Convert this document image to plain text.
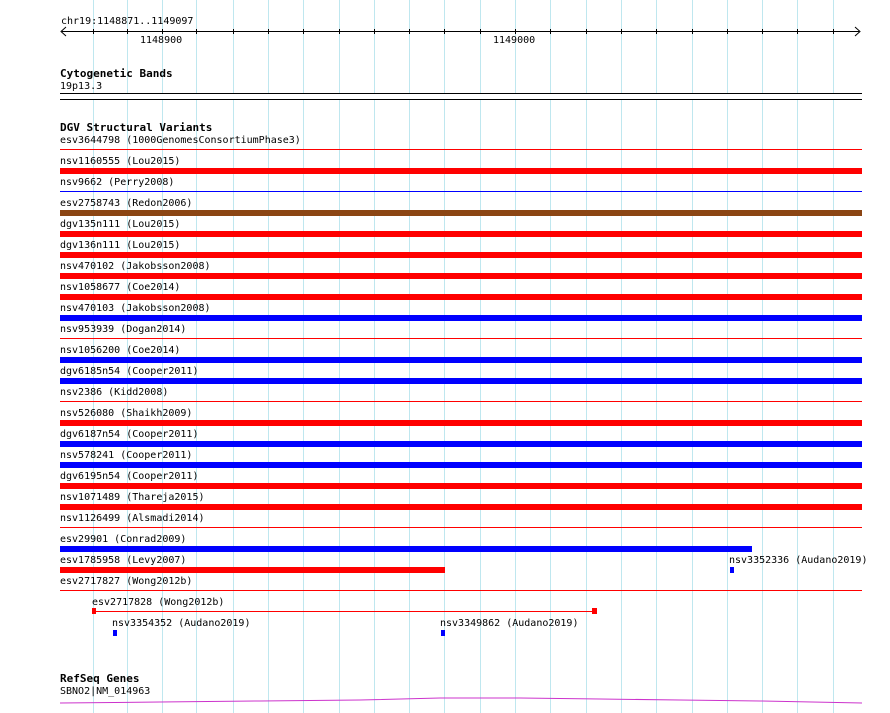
chr19:1148871..1149097
1148900	1149000
Cytogenetic Bands
19p13.3
DGV Structural Variants
esv3644798 (1000GenomesConsortiumPhase3)
nsv1160555 (Lou2015)
nsv9662 (Perry2008)
esv2758743 (Redon2006)
dgv135n111 (Lou2015)
dgv136n111 (Lou2015)
nsv470102 (Jakobsson2008)
nsv1058677 (Coe2014)
nsv470103 (Jakobsson2008)
nsv953939 (Dogan2014)
nsv1056200 (Coe2014)
dgv6185n54 (Cooper2011)
nsv2386 (Kidd2008)
nsv526080 (Shaikh2009)
dgv6187n54 (Cooper2011)
nsv578241 (Cooper2011)
dgv6195n54 (Cooper2011)
nsv1071489 (Thareja2015)
nsv1126499 (Alsmadi2014)
esv29901 (Conrad2009)
esv1785958 (Levy2007)	nsv3352336 (Audano2019)
esv2717827 (Wong2012b)
esv2717828 (Wong2012b)
nsv3354352 (Audano2019)	nsv3349862 (Audano2019)
RefSeq Genes
SBNO2|NM_014963
